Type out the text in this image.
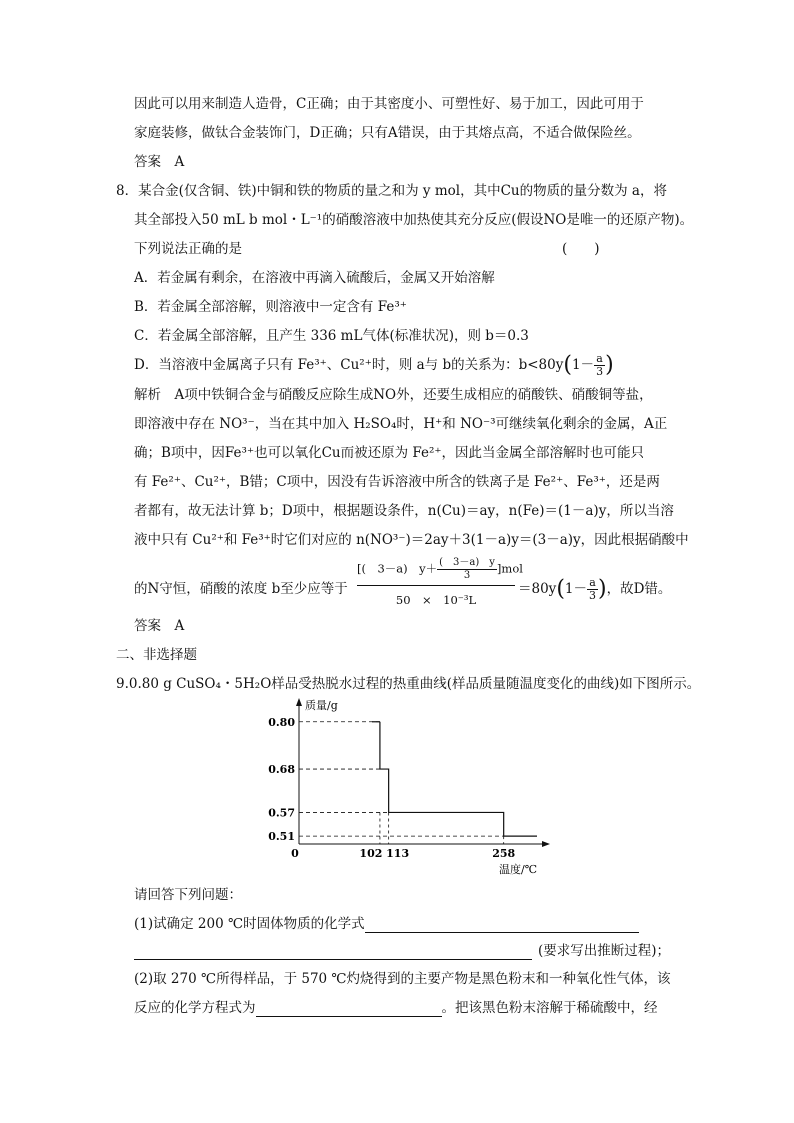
因此可以用来制造人造骨，C正确；由于其密度小、可塑性好、易于加工，因此可用于
家庭装修，做钛合金装饰门，D正确；只有A错误，由于其熔点高，不适合做保险丝。
答案　A
8．某合金(仅含铜、铁)中铜和铁的物质的量之和为 y mol，其中Cu的物质的量分数为 a，将
其全部投入50 mL b mol・L⁻¹的硝酸溶液中加热使其充分反应(假设NO是唯一的还原产物)。
下列说法正确的是	(　　)
A．若金属有剩余，在溶液中再滴入硫酸后，金属又开始溶解
B．若金属全部溶解，则溶液中一定含有 Fe³⁺
C．若金属全部溶解，且产生 336 mL气体(标准状况)，则 b＝0.3
D．当溶液中金属离子只有 Fe³⁺、Cu²⁺时，则 a与 b的关系为：$b<80y(1- \frac{a}{3}$ )
解析　A项中铁铜合金与硝酸反应除生成NO外，还要生成相应的硝酸铁、硝酸铜等盐，
即溶液中存在 NO³⁻，当在其中加入 H₂SO₄时，H⁺和 NO⁻³可继续氧化剩余的金属，A正
确；B项中，因Fe³⁺也可以氧化Cu而被还原为 Fe²⁺，因此当金属全部溶解时也可能只
有 Fe²⁺、Cu²⁺，B错；C项中，因没有告诉溶液中所含的铁离子是 Fe²⁺、Fe³⁺，还是两
者都有，故无法计算 b；D项中，根据题设条件，n(Cu)＝ay，n(Fe)＝(1－a)y，所以当溶
液中只有 Cu²⁺和 Fe³⁺时它们对应的 n(NO³⁻)＝2ay＋3(1－a)y＝(3－a)y，因此根据硝酸中
的N守恒，硝酸的浓度 b至少应等于
[(　3－a)　$y+ \frac{( 3-a) y}{3} ]mol$
50　×　10⁻³L
$=80y(1- \frac{a}{3}$ )，故D错。
答案　A
二、非选择题
9.0.80 g CuSO₄・5H₂O样品受热脱水过程的热重曲线(样品质量随温度变化的曲线)如下图所示。
质量/g
温度/℃
0
0.80
0.68
0.57
0.51
102 113	258
请回答下列问题：
(1)试确定 200 ℃时固体物质的化学式
(要求写出推断过程)；
(2)取 270 ℃所得样品，于 570 ℃灼烧得到的主要产物是黑色粉末和一种氧化性气体，该
反应的化学方程式为	。把该黑色粉末溶解于稀硫酸中，经
